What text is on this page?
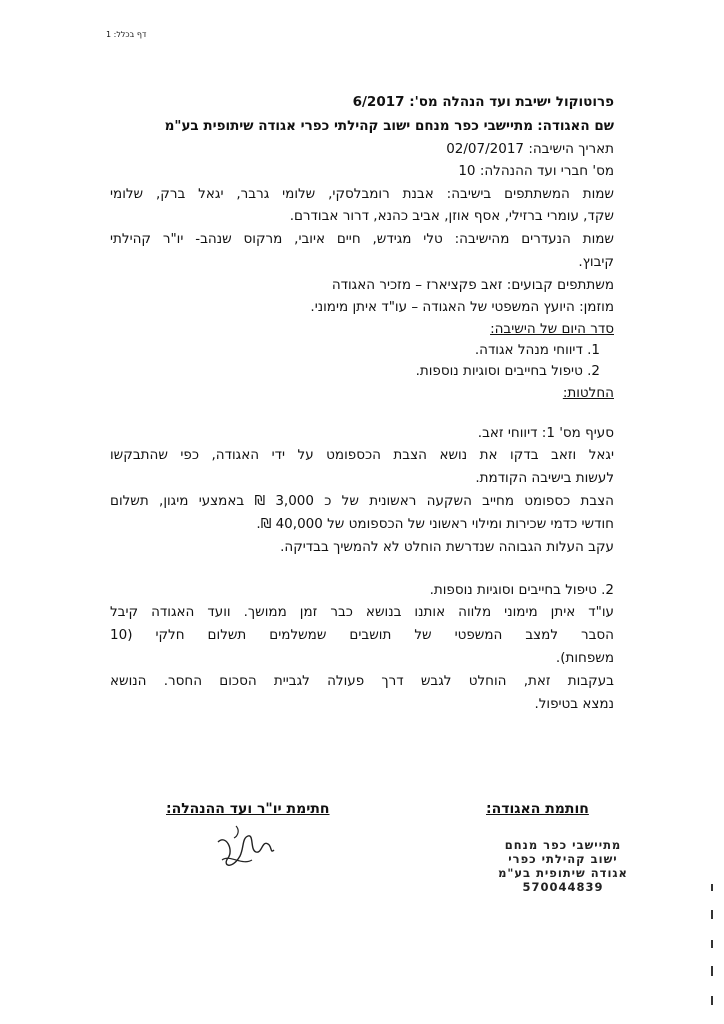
דף בכלל: 1
פרוטוקול ישיבת ועד הנהלה מס': 6/2017
שם האגודה: מתיישבי כפר מנחם ישוב קהילתי כפרי אגודה שיתופית בע"מ
תאריך הישיבה: 02/07/2017
מס' חברי ועד ההנהלה: 10
שמות המשתתפים בישיבה: אבנת רומבלסקי, שלומי גרבר, יגאל ברק, שלומי
שקד, עומרי ברזילי, אסף אוזן, אביב כהנא, דרור אבודרם.
שמות הנעדרים מהישיבה: טלי מגידש, חיים איובי, מרקוס שנהב- יו"ר קהילתי
קיבוץ.
משתתפים קבועים: זאב פקציארז – מזכיר האגודה
מוזמן: היועץ המשפטי של האגודה – עו"ד איתן מימוני.
סדר היום של הישיבה:
1. דיווחי מנהל אגודה.
2. טיפול בחייבים וסוגיות נוספות.
החלטות:
סעיף מס' 1: דיווחי זאב.
יגאל וזאב בדקו את נושא הצבת הכספומט על ידי האגודה, כפי שהתבקשו
לעשות בישיבה הקודמת.
הצבת כספומט מחייב השקעה ראשונית של כ 3,000 ₪ באמצעי מיגון, תשלום
חודשי כדמי שכירות ומילוי ראשוני של הכספומט של 40,000 ₪.
עקב העלות הגבוהה שנדרשת הוחלט לא להמשיך בבדיקה.
2. טיפול בחייבים וסוגיות נוספות.
עו"ד איתן מימוני מלווה אותנו בנושא כבר זמן ממושך. וועד האגודה קיבל
הסבר למצב המשפטי של תושבים שמשלמים תשלום חלקי (10
משפחות).
בעקבות זאת, הוחלט לגבש דרך פעולה לגביית הסכום החסר. הנושא
נמצא בטיפול.
חתימת יו"ר ועד ההנהלה:	חותמת האגודה:
מתיישבי כפר מנחם
ישוב קהילתי כפרי
אגודה שיתופית בע"מ
570044839
